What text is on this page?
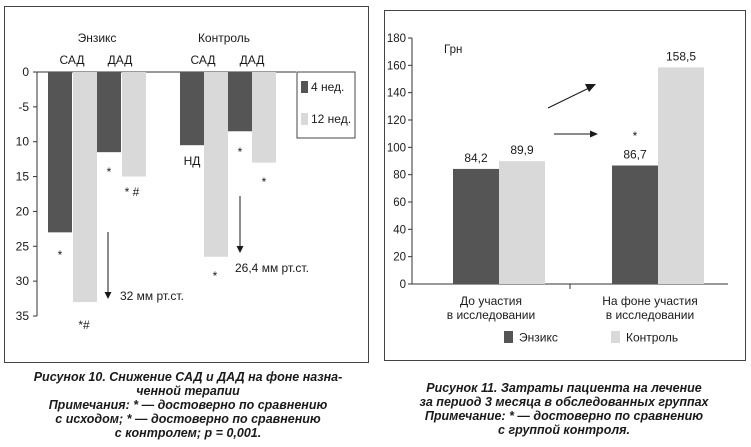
0
-5
10
15
20
25
30
35
САД ДАД	САД ДАД
Энзикс	Контроль
4 нед.
12 нед.
*
*
* #
*#
НД
*
*
*
32 мм рт.ст.
26,4 мм рт.ст.
Рисунок 10. Снижение САД и ДАД на фоне назна-
ченной терапии
Примечания: * — достоверно по сравнению
с исходом; * — достоверно по сравнению
с контролем; р = 0,001.
0
20
40
60
80
100
120
140
160
180
Грн
84,2	86,7
89,9
158,5
До участия
в исследовании
На фоне участия
в исследовании
*
Энзикс	Контроль
Рисунок 11. Затраты пациента на лечение
за период 3 месяца в обследованных группах
Примечание: * — достоверно по сравнению
с группой контроля.
